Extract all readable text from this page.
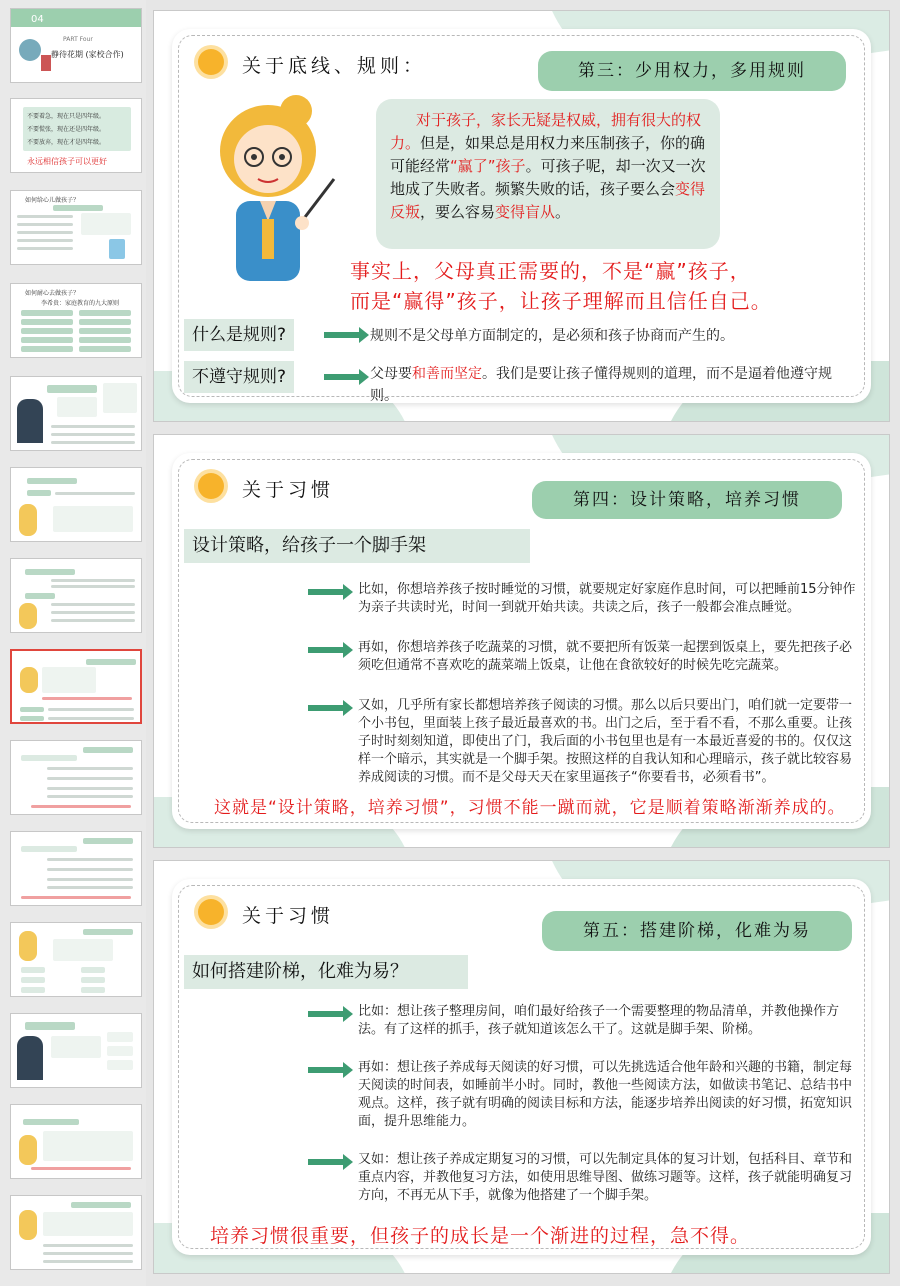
04
PART Four
静待花期 (家校合作)
不要着急，现在只是四年级。
不要慌张，现在还是四年级。
不要放弃，现在才是四年级。
永远相信孩子可以更好
如何给心儿做孩子？
如何耐心去做孩子？
李希贵：家庭教育的九大原则
关于底线、规则：	第三：少用权力，多用规则
对于孩子，家长无疑是权威，拥有很大的权力。但是，如果总是用权力来压制孩子，你的确可能经常“赢了”孩子。可孩子呢，却一次又一次地成了失败者。频繁失败的话，孩子要么会变得反叛，要么容易变得盲从。
事实上，父母真正需要的，不是“赢”孩子，
而是“赢得”孩子，让孩子理解而且信任自己。
什么是规则?	规则不是父母单方面制定的，是必须和孩子协商而产生的。
不遵守规则?	父母要和善而坚定。我们是要让孩子懂得规则的道理，而不是逼着他遵守规则。
关于习惯	第四：设计策略，培养习惯
设计策略，给孩子一个脚手架
比如，你想培养孩子按时睡觉的习惯，就要规定好家庭作息时间，可以把睡前15分钟作为亲子共读时光，时间一到就开始共读。共读之后，孩子一般都会准点睡觉。
再如，你想培养孩子吃蔬菜的习惯，就不要把所有饭菜一起摆到饭桌上，要先把孩子必须吃但通常不喜欢吃的蔬菜端上饭桌，让他在食欲较好的时候先吃完蔬菜。
又如，几乎所有家长都想培养孩子阅读的习惯。那么以后只要出门，咱们就一定要带一个小书包，里面装上孩子最近最喜欢的书。出门之后，至于看不看，不那么重要。让孩子时时刻刻知道，即使出了门，我后面的小书包里也是有一本最近喜爱的书的。仅仅这样一个暗示，其实就是一个脚手架。按照这样的自我认知和心理暗示，孩子就比较容易养成阅读的习惯。而不是父母天天在家里逼孩子“你要看书，必须看书”。
这就是“设计策略，培养习惯”，习惯不能一蹴而就，它是顺着策略渐渐养成的。
关于习惯
第五：搭建阶梯，化难为易
如何搭建阶梯，化难为易？
比如：想让孩子整理房间，咱们最好给孩子一个需要整理的物品清单，并教他操作方法。有了这样的抓手，孩子就知道该怎么干了。这就是脚手架、阶梯。
再如：想让孩子养成每天阅读的好习惯，可以先挑选适合他年龄和兴趣的书籍，制定每天阅读的时间表，如睡前半小时。同时，教他一些阅读方法，如做读书笔记、总结书中观点。这样，孩子就有明确的阅读目标和方法，能逐步培养出阅读的好习惯，拓宽知识面，提升思维能力。
又如：想让孩子养成定期复习的习惯，可以先制定具体的复习计划，包括科目、章节和重点内容，并教他复习方法，如使用思维导图、做练习题等。这样，孩子就能明确复习方向，不再无从下手，就像为他搭建了一个脚手架。
培养习惯很重要，但孩子的成长是一个渐进的过程，急不得。
